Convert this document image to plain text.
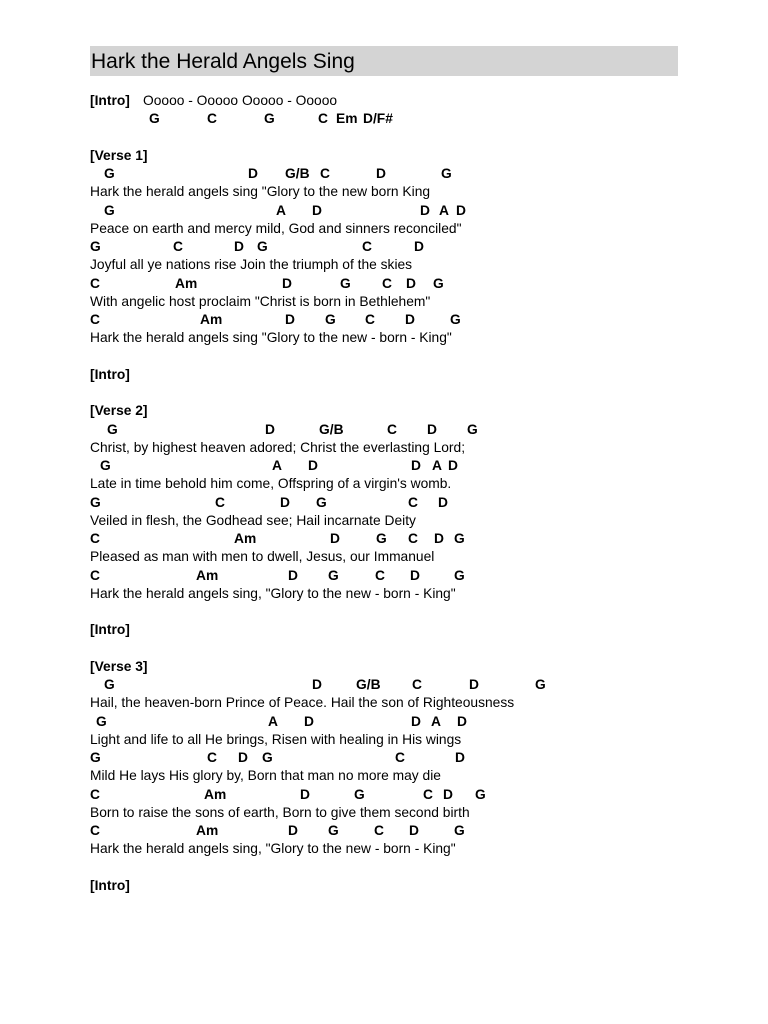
Hark the Herald Angels Sing
[Intro] Ooooo - Ooooo Ooooo - Ooooo
G	C	G	C Em D/F#
[Verse 1]
G	D G/B C	D	G
Hark the herald angels sing "Glory to the new born King
G	A D	D A D
Peace on earth and mercy mild, God and sinners reconciled"
G	C	D G	C	D
Joyful all ye nations rise Join the triumph of the skies
C	Am	D	G C D G
With angelic host proclaim "Christ is born in Bethlehem"
C	Am	D G C D	G
Hark the herald angels sing "Glory to the new - born - King"
[Intro]
[Verse 2]
G	D	G/B	C D G
Christ, by highest heaven adored; Christ the everlasting Lord;
G	A D	D A D
Late in time behold him come, Offspring of a virgin's womb.
G	C	D G	C D
Veiled in flesh, the Godhead see; Hail incarnate Deity
C	Am	D	G C D G
Pleased as man with men to dwell, Jesus, our Immanuel
C	Am	D G	C D G
Hark the herald angels sing, "Glory to the new - born - King"
[Intro]
[Verse 3]
G	D G/B C	D	G
Hail, the heaven-born Prince of Peace. Hail the son of Righteousness
G	A D	D A D
Light and life to all He brings, Risen with healing in His wings
G	C D G	C	D
Mild He lays His glory by, Born that man no more may die
C	Am	D	G	C D G
Born to raise the sons of earth, Born to give them second birth
C	Am	D G	C D	G
Hark the herald angels sing, "Glory to the new - born - King"
[Intro]
